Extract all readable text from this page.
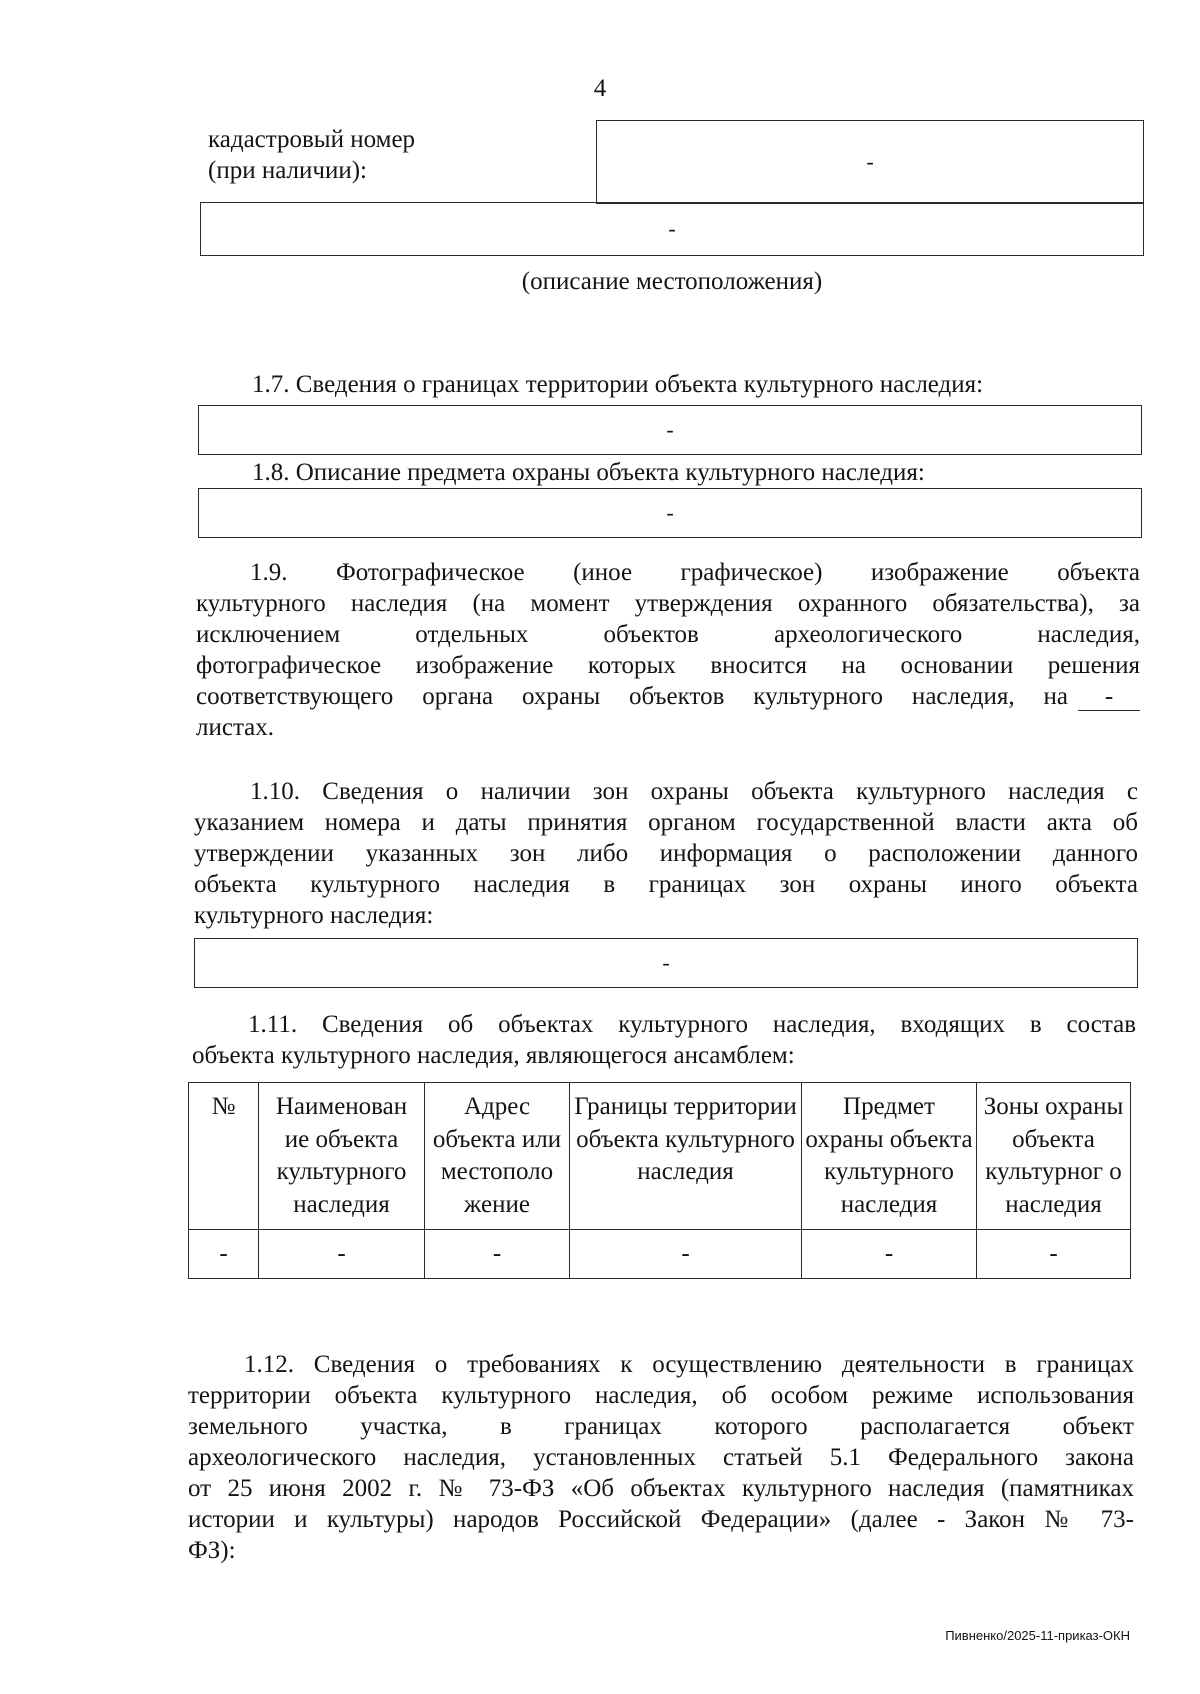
4
кадастровый номер
(при наличии):	-
-
(описание местоположения)
1.7. Сведения о границах территории объекта культурного наследия:
-
1.8. Описание предмета охраны объекта культурного наследия:
-
1.9. Фотографическое (иное графическое) изображение объекта
культурного наследия (на момент утверждения охранного обязательства), за
исключением отдельных объектов археологического наследия,
фотографическое изображение которых вносится на основании решения
соответствующего органа охраны объектов культурного наследия, на	-
листах.
1.10. Сведения о наличии зон охраны объекта культурного наследия с
указанием номера и даты принятия органом государственной власти акта об
утверждении указанных зон либо информация о расположении данного
объекта культурного наследия в границах зон охраны иного объекта
культурного наследия:
-
1.11. Сведения об объектах культурного наследия, входящих в состав
объекта культурного наследия, являющегося ансамблем:
№	Наименован ие объекта культурного наследия	Адрес объекта или местополо жение	Границы территории объекта культурного наследия	Предмет охраны объекта культурного наследия	Зоны охраны объекта культурног о наследия
-	-	-	-	-	-
1.12. Сведения о требованиях к осуществлению деятельности в границах
территории объекта культурного наследия, об особом режиме использования
земельного участка, в границах которого располагается объект
археологического наследия, установленных статьей 5.1 Федерального закона
от 25 июня 2002 г. № 73-ФЗ «Об объектах культурного наследия (памятниках
истории и культуры) народов Российской Федерации» (далее - Закон № 73-
ФЗ):
Пивненко/2025-11-приказ-ОКН
